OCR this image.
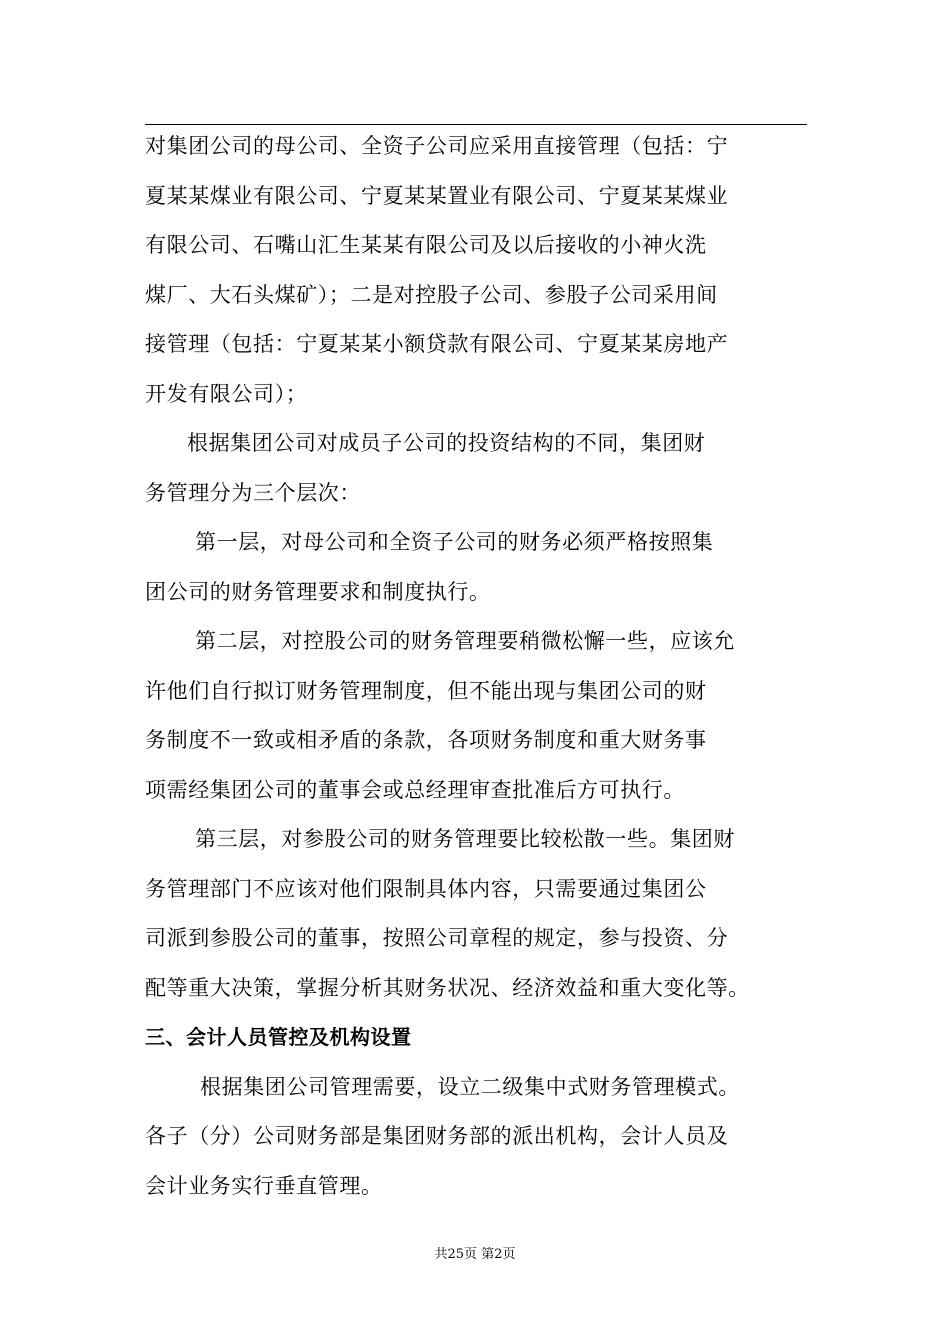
对集团公司的母公司、全资子公司应采用直接管理（包括：宁
夏某某煤业有限公司、宁夏某某置业有限公司、宁夏某某煤业
有限公司、石嘴山汇生某某有限公司及以后接收的小神火洗
煤厂、大石头煤矿）；二是对控股子公司、参股子公司采用间
接管理（包括：宁夏某某小额贷款有限公司、宁夏某某房地产
开发有限公司）；
根据集团公司对成员子公司的投资结构的不同，集团财
务管理分为三个层次：
第一层，对母公司和全资子公司的财务必须严格按照集
团公司的财务管理要求和制度执行。
第二层，对控股公司的财务管理要稍微松懈一些，应该允
许他们自行拟订财务管理制度，但不能出现与集团公司的财
务制度不一致或相矛盾的条款，各项财务制度和重大财务事
项需经集团公司的董事会或总经理审查批准后方可执行。
第三层，对参股公司的财务管理要比较松散一些。集团财
务管理部门不应该对他们限制具体内容，只需要通过集团公
司派到参股公司的董事，按照公司章程的规定，参与投资、分
配等重大决策，掌握分析其财务状况、经济效益和重大变化等。
三、会计人员管控及机构设置
根据集团公司管理需要，设立二级集中式财务管理模式。
各子（分）公司财务部是集团财务部的派出机构，会计人员及
会计业务实行垂直管理。
共25页 第2页
